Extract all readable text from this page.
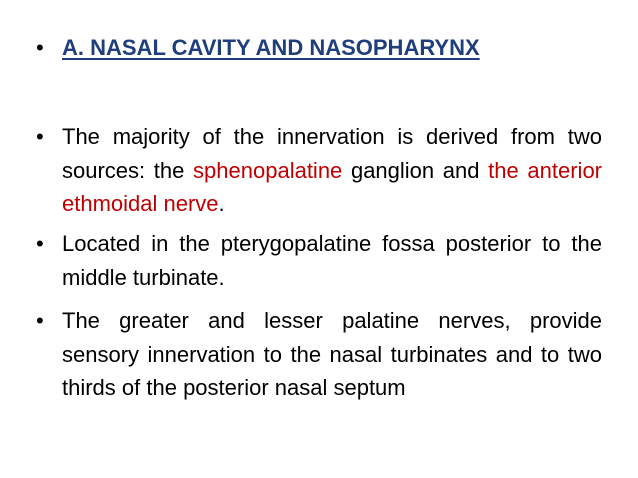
• A. NASAL CAVITY AND NASOPHARYNX
• The majority of the innervation is derived from two sources: the sphenopalatine ganglion and the anterior ethmoidal nerve.
• Located in the pterygopalatine fossa posterior to the middle turbinate.
• The greater and lesser palatine nerves, provide sensory innervation to the nasal turbinates and to two thirds of the posterior nasal septum
